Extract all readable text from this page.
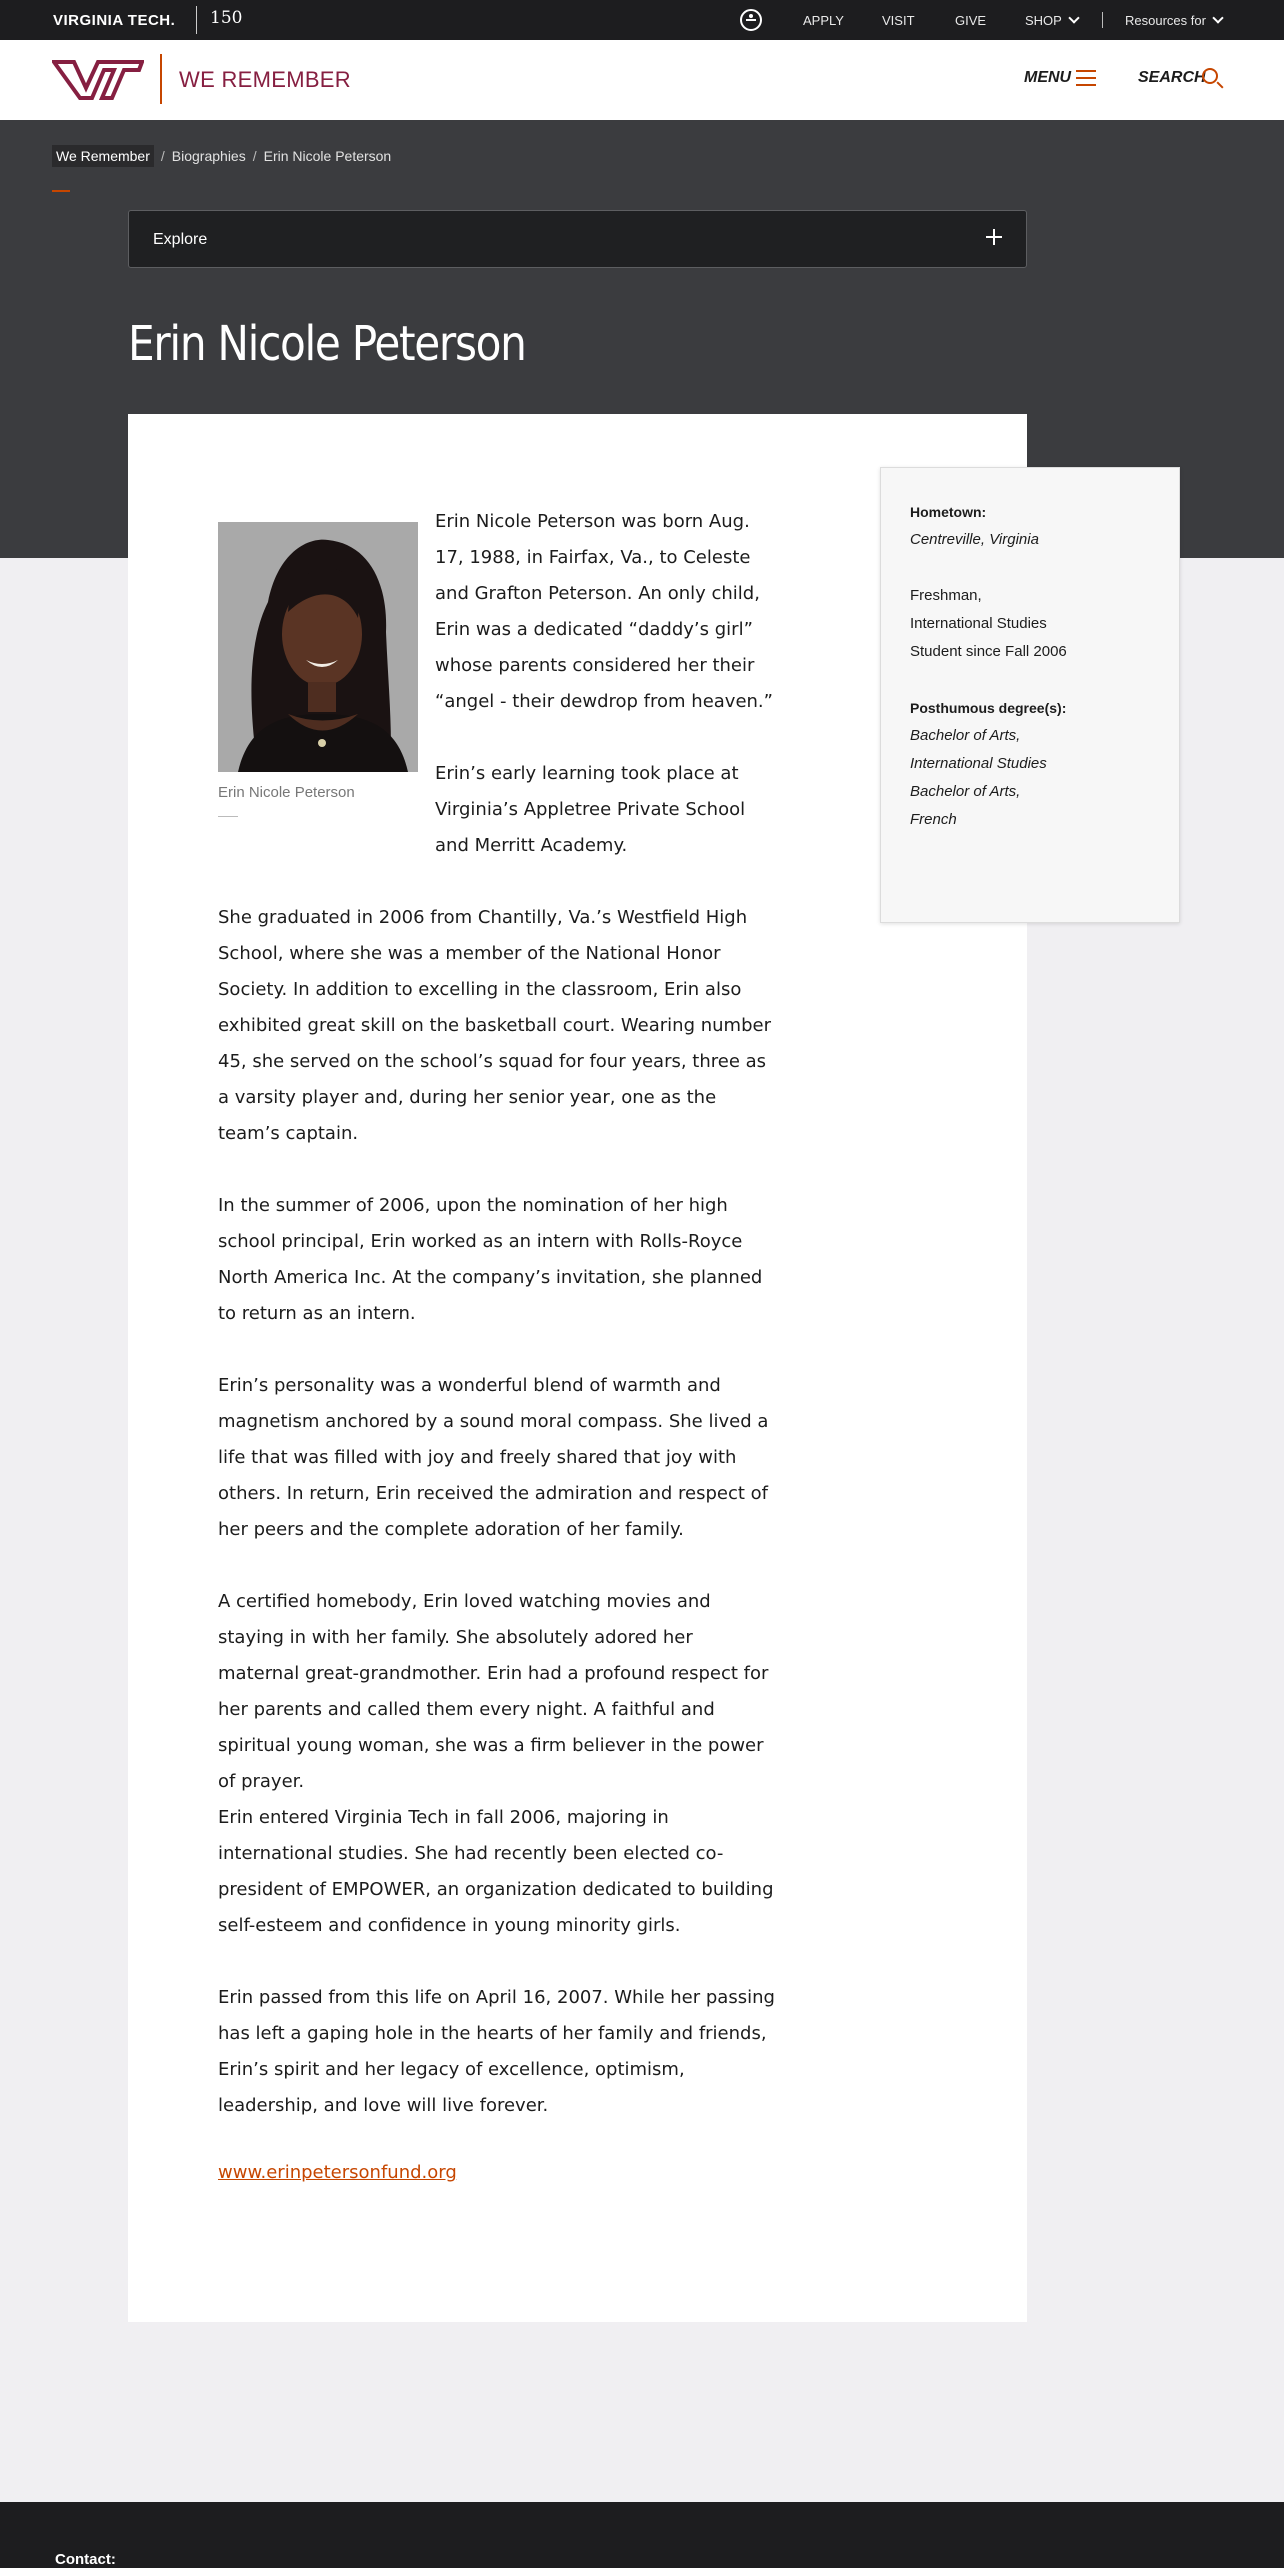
VIRGINIA TECH. 150	APPLY	VISIT	GIVE	SHOP	Resources for
WE REMEMBER	MENU	SEARCH
We Remember / Biographies / Erin Nicole Peterson
Explore
Erin Nicole Peterson
Erin Nicole Peterson

Erin Nicole Peterson was born Aug. 17, 1988, in Fairfax, Va., to Celeste and Grafton Peterson. An only child, Erin was a dedicated “daddy’s girl” whose parents considered her their “angel - their dewdrop from heaven.”

Erin’s early learning took place at Virginia’s Appletree Private School and Merritt Academy.

She graduated in 2006 from Chantilly, Va.’s Westfield High School, where she was a member of the National Honor Society. In addition to excelling in the classroom, Erin also exhibited great skill on the basketball court. Wearing number 45, she served on the school’s squad for four years, three as a varsity player and, during her senior year, one as the team’s captain.

In the summer of 2006, upon the nomination of her high school principal, Erin worked as an intern with Rolls-Royce North America Inc. At the company’s invitation, she planned to return as an intern.

Erin’s personality was a wonderful blend of warmth and magnetism anchored by a sound moral compass. She lived a life that was filled with joy and freely shared that joy with others. In return, Erin received the admiration and respect of her peers and the complete adoration of her family.

A certified homebody, Erin loved watching movies and staying in with her family. She absolutely adored her maternal great-grandmother. Erin had a profound respect for her parents and called them every night. A faithful and spiritual young woman, she was a firm believer in the power of prayer.

Erin entered Virginia Tech in fall 2006, majoring in international studies. She had recently been elected co-president of EMPOWER, an organization dedicated to building self-esteem and confidence in young minority girls.

Erin passed from this life on April 16, 2007. While her passing has left a gaping hole in the hearts of her family and friends, Erin’s spirit and her legacy of excellence, optimism, leadership, and love will live forever.

www.erinpetersonfund.org
Hometown:
Centreville, Virginia
Freshman,
International Studies
Student since Fall 2006
Posthumous degree(s):
Bachelor of Arts,
International Studies
Bachelor of Arts,
French
Contact:
